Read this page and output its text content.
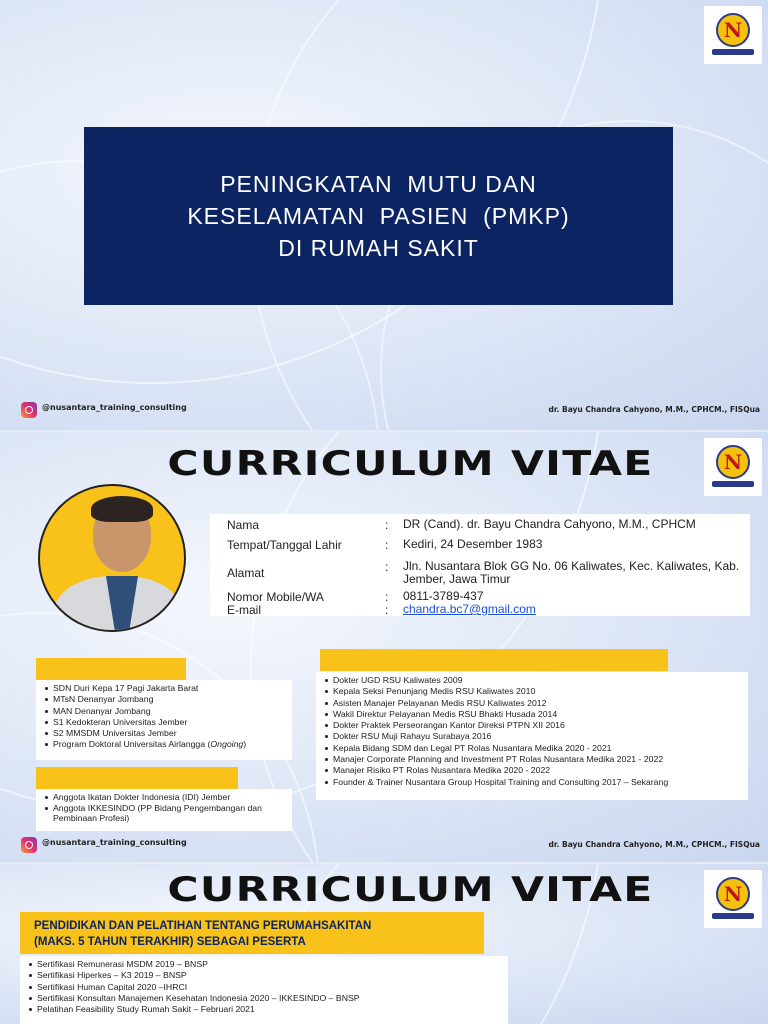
N
PENINGKATAN  MUTU DAN
KESELAMATAN  PASIEN  (PMKP)
DI RUMAH SAKIT
@nusantara_training_consulting	dr. Bayu Chandra Cahyono, M.M., CPHCM., FISQua
N
CURRICULUM VITAE
Nama	: DR (Cand). dr. Bayu Chandra Cahyono, M.M., CPHCM
Tempat/Tanggal Lahir	: Kediri, 24 Desember 1983
Alamat	: Jln. Nusantara Blok GG No. 06 Kaliwates, Kec. Kaliwates, Kab. Jember, Jawa Timur
Nomor Mobile/WA	: 0811-3789-437
E-mail	: chandra.bc7@gmail.com
SDN Duri Kepa 17 Pagi Jakarta Barat
MTsN Denanyar Jombang
MAN Denanyar Jombang
S1 Kedokteran Universitas Jember
S2 MMSDM Universitas Jember
Program Doktoral Universitas Airlangga (Ongoing)
Anggota Ikatan Dokter Indonesia (IDI) Jember
Anggota IKKESINDO (PP Bidang Pengembangan dan Pembinaan Profesi)
Dokter UGD RSU Kaliwates 2009
Kepala Seksi Penunjang Medis RSU Kaliwates 2010
Asisten Manajer Pelayanan Medis RSU Kaliwates 2012
Wakil Direktur Pelayanan Medis RSU Bhakti Husada 2014
Dokter Praktek Perseorangan Kantor Direksi PTPN XII 2016
Dokter RSU Muji Rahayu Surabaya 2016
Kepala Bidang SDM dan Legal PT Rolas Nusantara Medika 2020 - 2021
Manajer Corporate Planning and Investment PT Rolas Nusantara Medika 2021 - 2022
Manajer Risiko PT Rolas Nusantara Medika 2020 - 2022
Founder & Trainer Nusantara Group Hospital Training and Consulting 2017 – Sekarang
@nusantara_training_consulting	dr. Bayu Chandra Cahyono, M.M., CPHCM., FISQua
N
CURRICULUM VITAE
PENDIDIKAN DAN PELATIHAN TENTANG PERUMAHSAKITAN
(MAKS. 5 TAHUN TERAKHIR) SEBAGAI PESERTA
Sertifikasi Remunerasi MSDM 2019 – BNSP
Sertifikasi Hiperkes – K3 2019 – BNSP
Sertifikasi Human Capital 2020 –IHRCI
Sertifikasi Konsultan Manajemen Kesehatan Indonesia 2020 – IKKESINDO – BNSP
Pelatihan Feasibility Study Rumah Sakit – Februari 2021
